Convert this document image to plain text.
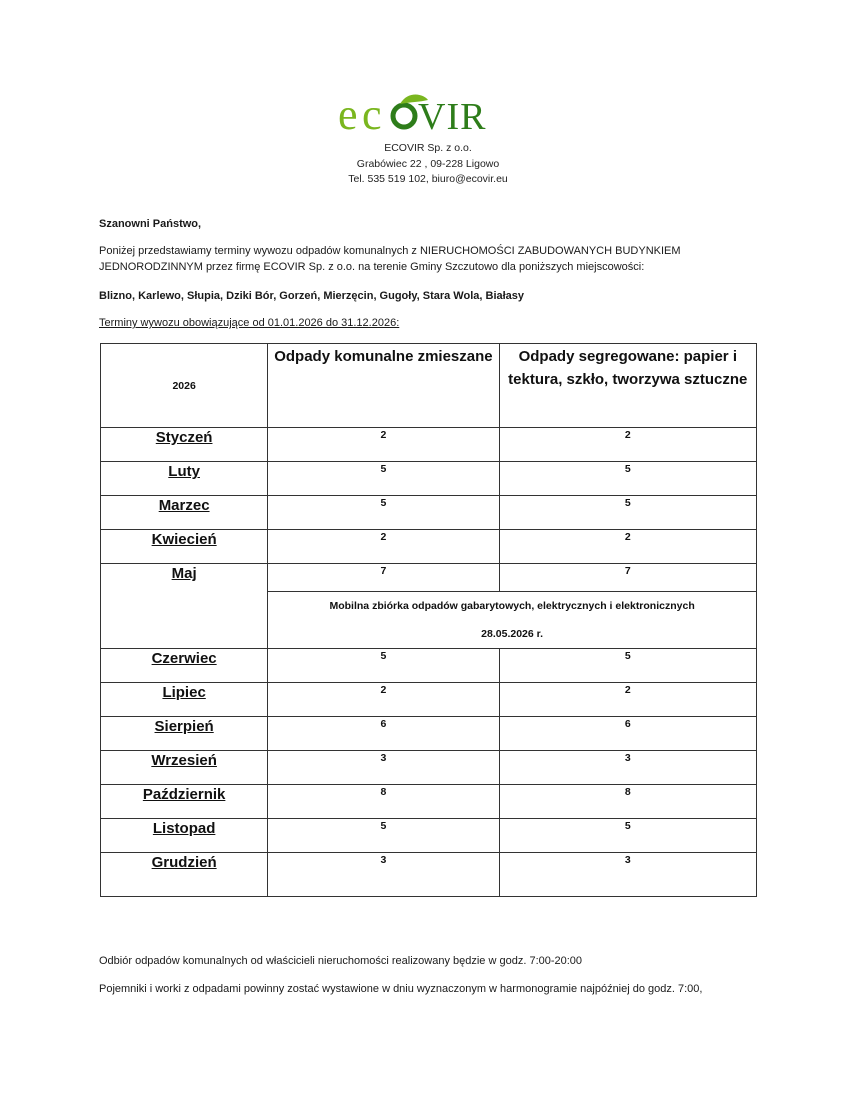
e c VIR
ECOVIR Sp. z o.o.
Grabówiec 22 , 09-228 Ligowo
Tel. 535 519 102, biuro@ecovir.eu
Szanowni Państwo,
Poniżej przedstawiamy terminy wywozu odpadów komunalnych z NIERUCHOMOŚCI ZABUDOWANYCH BUDYNKIEM
JEDNORODZINNYM przez firmę ECOVIR Sp. z o.o. na terenie Gminy Szczutowo dla poniższych miejscowości:
Blizno, Karlewo, Słupia, Dziki Bór, Gorzeń, Mierzęcin, Gugoły, Stara Wola, Białasy
Terminy wywozu obowiązujące od 01.01.2026 do 31.12.2026:
2026	Odpady komunalne zmieszane	Odpady segregowane: papier i
tektura, szkło, tworzywa sztuczne

Styczeń	2	2

Luty	5	5

Marzec	5	5

Kwiecień	2	2

Maj	7	7

	Mobilna zbiórka odpadów gabarytowych, elektrycznych i elektronicznych
28.05.2026 r.	

Czerwiec	5	5

Lipiec	2	2

Sierpień	6	6

Wrzesień	3	3

Październik	8	8

Listopad	5	5

Grudzień	3	3
Odbiór odpadów komunalnych od właścicieli nieruchomości realizowany będzie w godz. 7:00-20:00
Pojemniki i worki z odpadami powinny zostać wystawione w dniu wyznaczonym w harmonogramie najpóźniej do godz. 7:00,
